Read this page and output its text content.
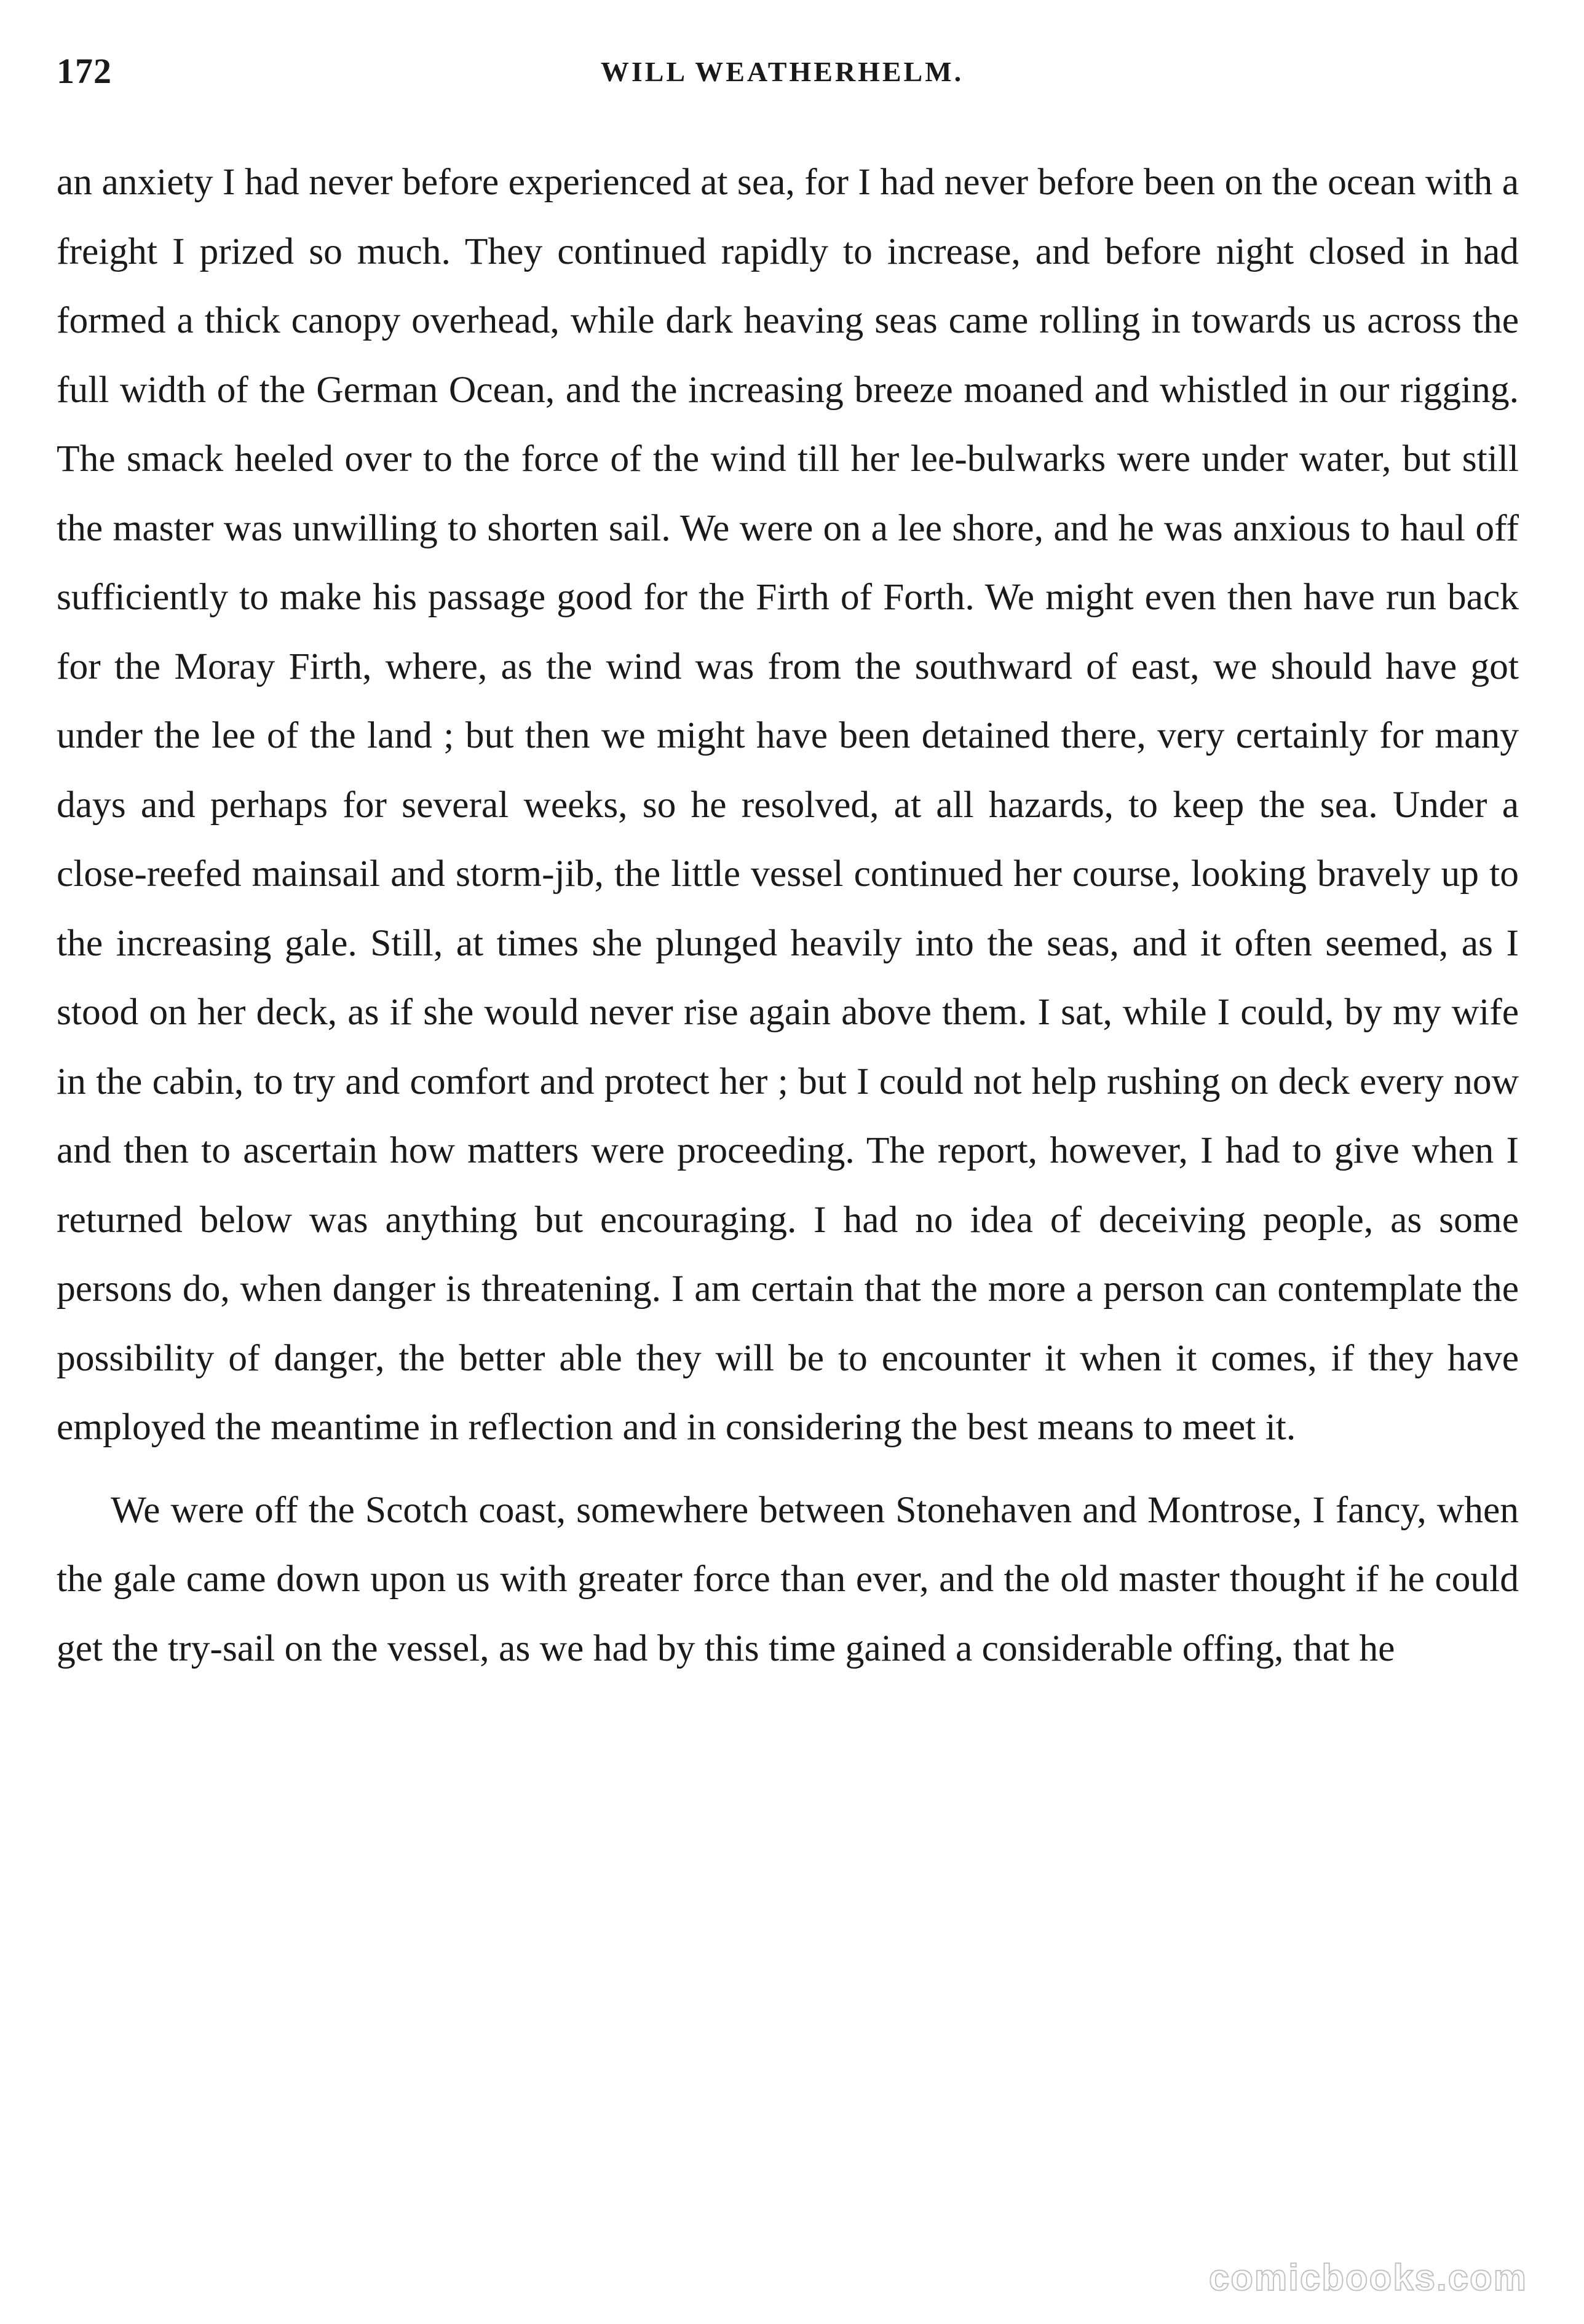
172	WILL WEATHERHELM.

an anxiety I had never before experienced at sea, for I had never before been on the ocean with a freight I prized so much. They continued rapidly to increase, and before night closed in had formed a thick canopy overhead, while dark heaving seas came rolling in towards us across the full width of the German Ocean, and the increasing breeze moaned and whistled in our rigging. The smack heeled over to the force of the wind till her lee-bulwarks were under water, but still the master was unwilling to shorten sail. We were on a lee shore, and he was anxious to haul off sufficiently to make his passage good for the Firth of Forth. We might even then have run back for the Moray Firth, where, as the wind was from the southward of east, we should have got under the lee of the land ; but then we might have been detained there, very certainly for many days and perhaps for several weeks, so he resolved, at all hazards, to keep the sea. Under a close-reefed mainsail and storm-jib, the little vessel continued her course, looking bravely up to the increasing gale. Still, at times she plunged heavily into the seas, and it often seemed, as I stood on her deck, as if she would never rise again above them. I sat, while I could, by my wife in the cabin, to try and comfort and protect her ; but I could not help rushing on deck every now and then to ascertain how matters were proceeding. The report, however, I had to give when I returned below was anything but encouraging. I had no idea of deceiving people, as some persons do, when danger is threatening. I am certain that the more a person can contemplate the possibility of danger, the better able they will be to encounter it when it comes, if they have employed the meantime in reflection and in considering the best means to meet it.

We were off the Scotch coast, somewhere between Stonehaven and Montrose, I fancy, when the gale came down upon us with greater force than ever, and the old master thought if he could get the try-sail on the vessel, as we had by this time gained a considerable offing, that he

comicbooks.com
